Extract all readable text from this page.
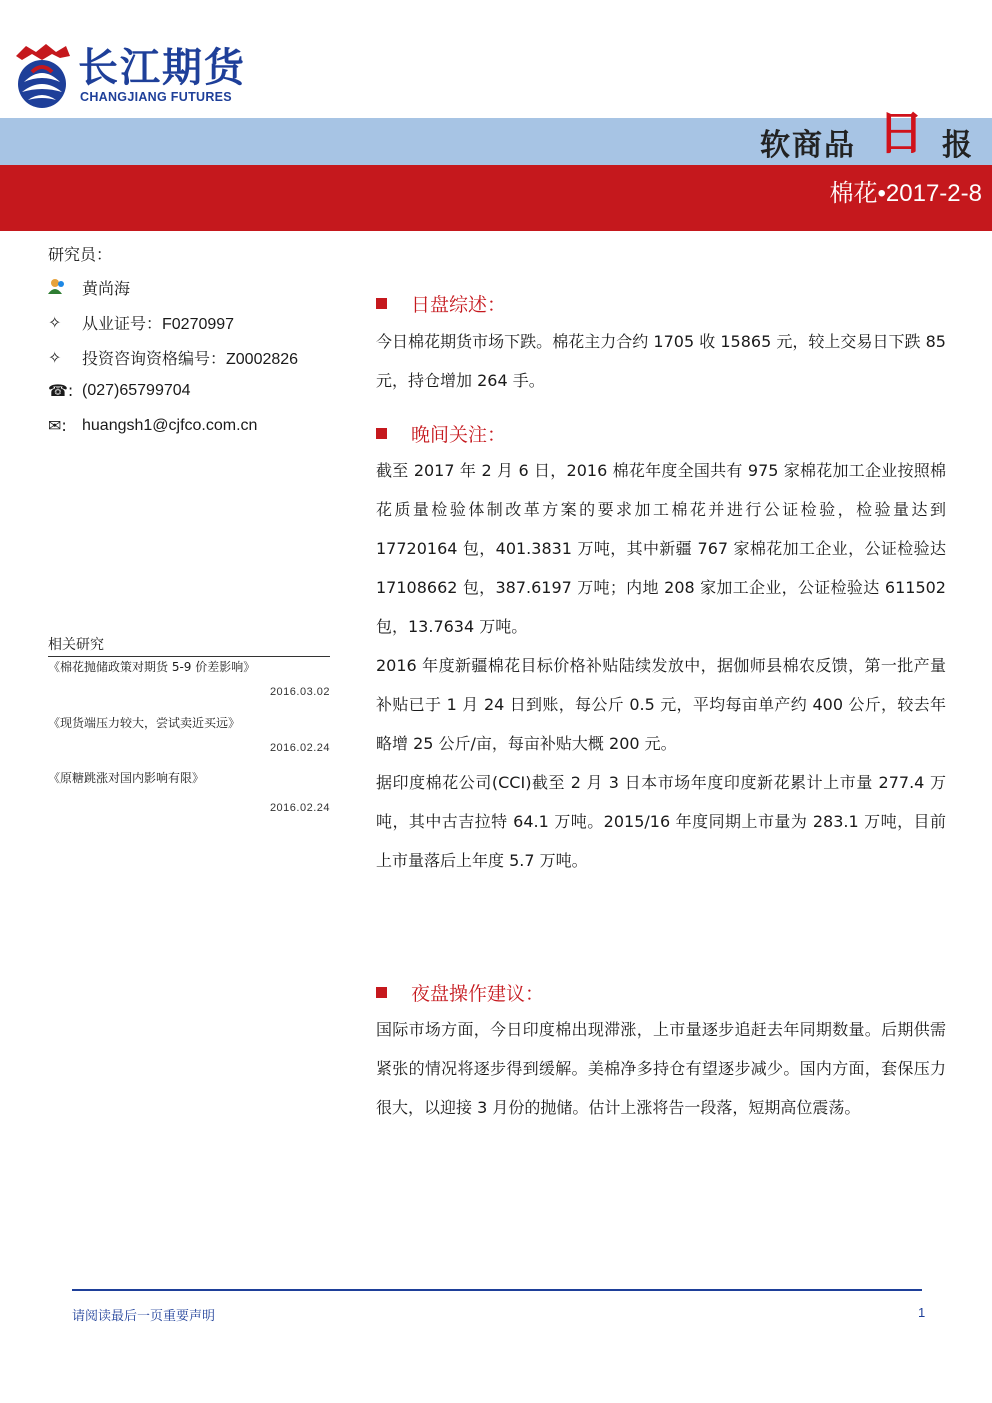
长江期货
CHANGJIANG FUTURES
软商品 日 报
棉花•2017-2-8
研究员：
黄尚海
✧	从业证号：F0270997
✧	投资咨询资格编号：Z0002826
☎: (027)65799704
✉: huangsh1@cjfco.com.cn
相关研究
《棉花抛储政策对期货 5-9 价差影响》
2016.03.02
《现货端压力较大，尝试卖近买远》
2016.02.24
《原糖跳涨对国内影响有限》
2016.02.24
日盘综述：
今日棉花期货市场下跌。棉花主力合约 1705 收 15865 元，较上交易日下跌 85 元，持仓增加 264 手。
晚间关注：
截至 2017 年 2 月 6 日，2016 棉花年度全国共有 975 家棉花加工企业按照棉花质量检验体制改革方案的要求加工棉花并进行公证检验，检验量达到 17720164 包，401.3831 万吨，其中新疆 767 家棉花加工企业，公证检验达 17108662 包，387.6197 万吨；内地 208 家加工企业，公证检验达 611502 包，13.7634 万吨。
2016 年度新疆棉花目标价格补贴陆续发放中，据伽师县棉农反馈，第一批产量补贴已于 1 月 24 日到账，每公斤 0.5 元，平均每亩单产约 400 公斤，较去年略增 25 公斤/亩，每亩补贴大概 200 元。
据印度棉花公司(CCI)截至 2 月 3 日本市场年度印度新花累计上市量 277.4 万吨，其中古吉拉特 64.1 万吨。2015/16 年度同期上市量为 283.1 万吨，目前上市量落后上年度 5.7 万吨。
夜盘操作建议：
国际市场方面，今日印度棉出现滞涨，上市量逐步追赶去年同期数量。后期供需紧张的情况将逐步得到缓解。美棉净多持仓有望逐步减少。国内方面，套保压力很大，以迎接 3 月份的抛储。估计上涨将告一段落，短期高位震荡。
请阅读最后一页重要声明	1
